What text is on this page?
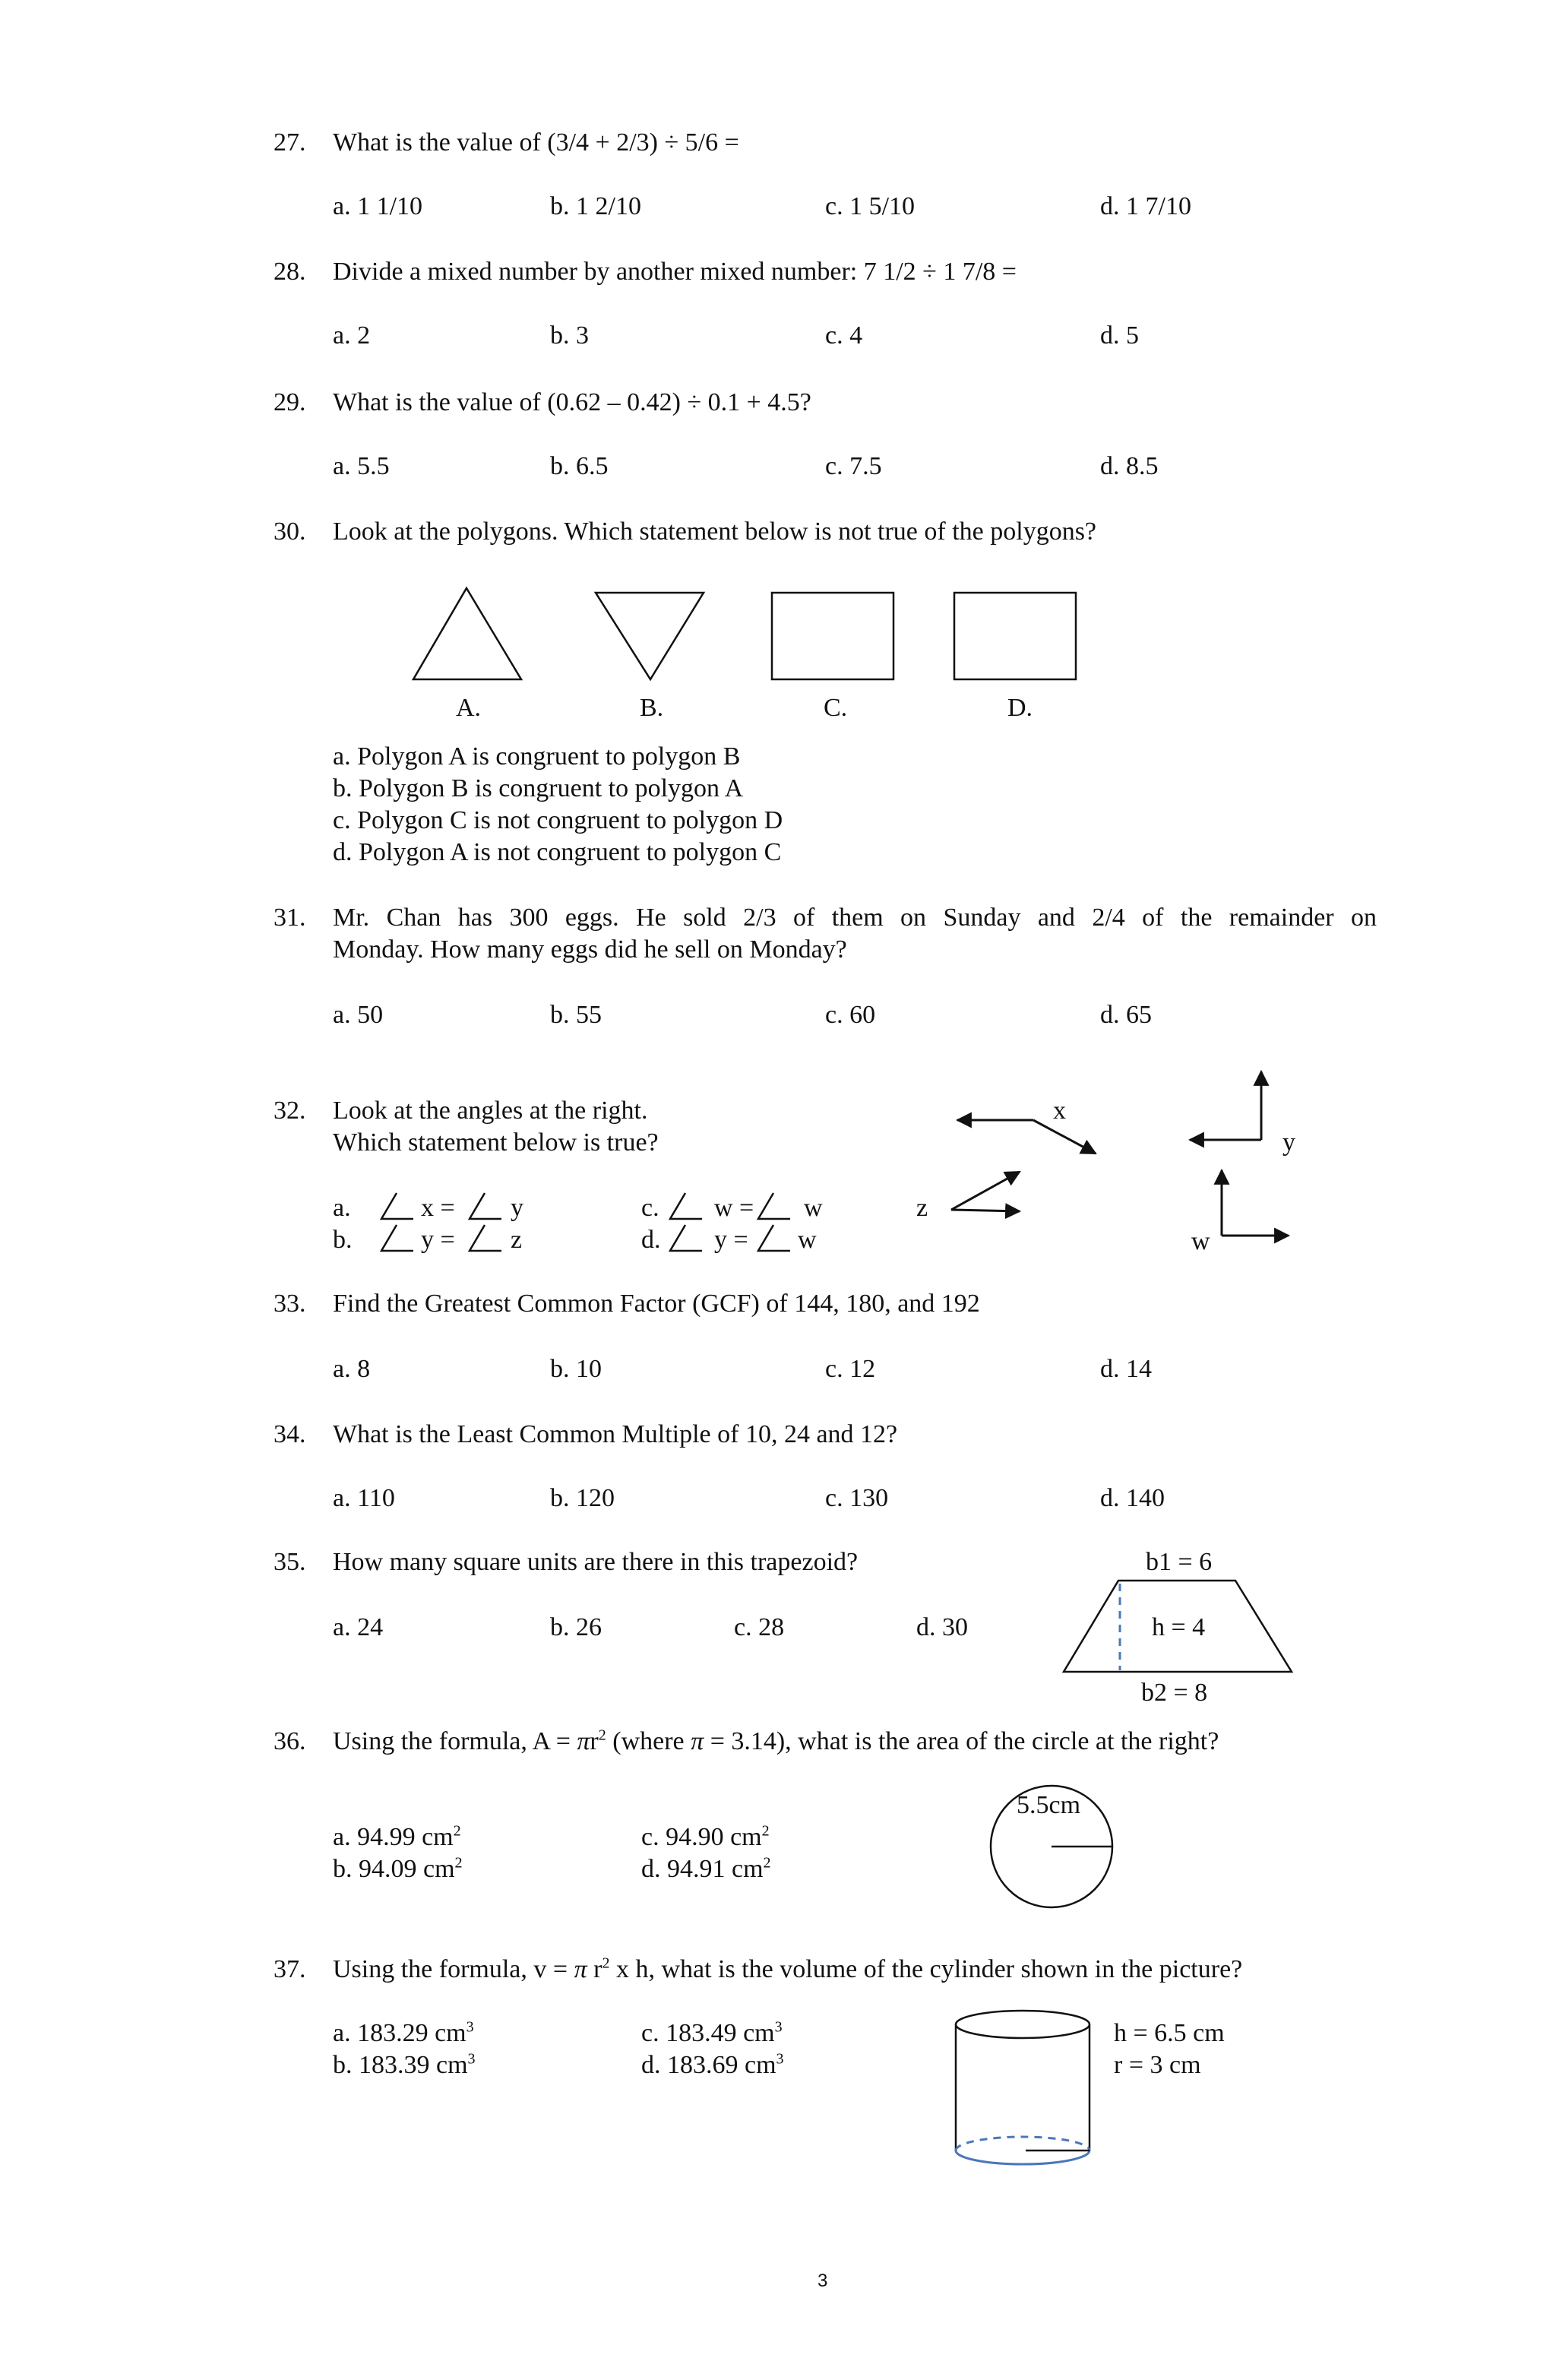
27. What is the value of (3/4 + 2/3) ÷ 5/6 =
a. 1 1/10	b. 1 2/10	c. 1 5/10	d. 1 7/10
28. Divide a mixed number by another mixed number: 7 1/2 ÷ 1 7/8 =
a. 2	b. 3	c. 4	d. 5
29. What is the value of (0.62 – 0.42) ÷ 0.1 + 4.5?
a. 5.5	b. 6.5	c. 7.5	d. 8.5
30. Look at the polygons. Which statement below is not true of the polygons?
A.	B.	C.	D.
a. Polygon A is congruent to polygon B
b. Polygon B is congruent to polygon A
c. Polygon C is not congruent to polygon D
d. Polygon A is not congruent to polygon C
31. Mr. Chan has 300 eggs. He sold 2/3 of them on Sunday and 2/4 of the remainder on
Monday. How many eggs did he sell on Monday?
a. 50	b. 55	c. 60	d. 65
32. Look at the angles at the right.
Which statement below is true?
a.	x = y
b.	y = z
c. w = w
d. y = w
x
y
z
w
33. Find the Greatest Common Factor (GCF) of 144, 180, and 192
a. 8	b. 10	c. 12	d. 14
34. What is the Least Common Multiple of 10, 24 and 12?
a. 110	b. 120	c. 130	d. 140
35. How many square units are there in this trapezoid?
a. 24	b. 26	c. 28	d. 30
b1 = 6
h = 4
b2 = 8
36. Using the formula, $A = \pi r^2$ (where π = 3.14), what is the area of the circle at the right?
a. 94.99 $cm^2$
b. 94.09 $cm^2$
c. 94.90 $cm^2$
d. 94.91 $cm^2$
5.5cm
37. Using the formula, v = π $r^2$ x h, what is the volume of the cylinder shown in the picture?
a. 183.29 $cm^3$
b. 183.39 $cm^3$
c. 183.49 $cm^3$
d. 183.69 $cm^3$
h = 6.5 cm
r = 3 cm
3
